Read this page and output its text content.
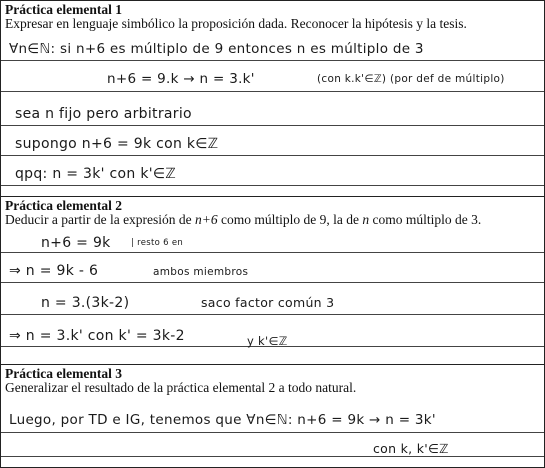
Práctica elemental 1
Expresar en lenguaje simbólico la proposición dada. Reconocer la hipótesis y la tesis.
∀n∈ℕ: si n+6 es múltiplo de 9 entonces n es múltiplo de 3
n+6 = 9.k → n = 3.k'	(con k.k'∈ℤ) (por def de múltiplo)
sea n fijo pero arbitrario
supongo n+6 = 9k con k∈ℤ
qpq: n = 3k' con k'∈ℤ
Práctica elemental 2
Deducir a partir de la expresión de n+6 como múltiplo de 9, la de n como múltiplo de 3.
n+6 = 9k | resto 6 en
⇒ n = 9k - 6	ambos miembros
n = 3.(3k-2)	saco factor común 3
⇒ n = 3.k' con k' = 3k-2	y k'∈ℤ
Práctica elemental 3
Generalizar el resultado de la práctica elemental 2 a todo natural.
Luego, por TD e IG, tenemos que ∀n∈ℕ: n+6 = 9k → n = 3k'
con k, k'∈ℤ
